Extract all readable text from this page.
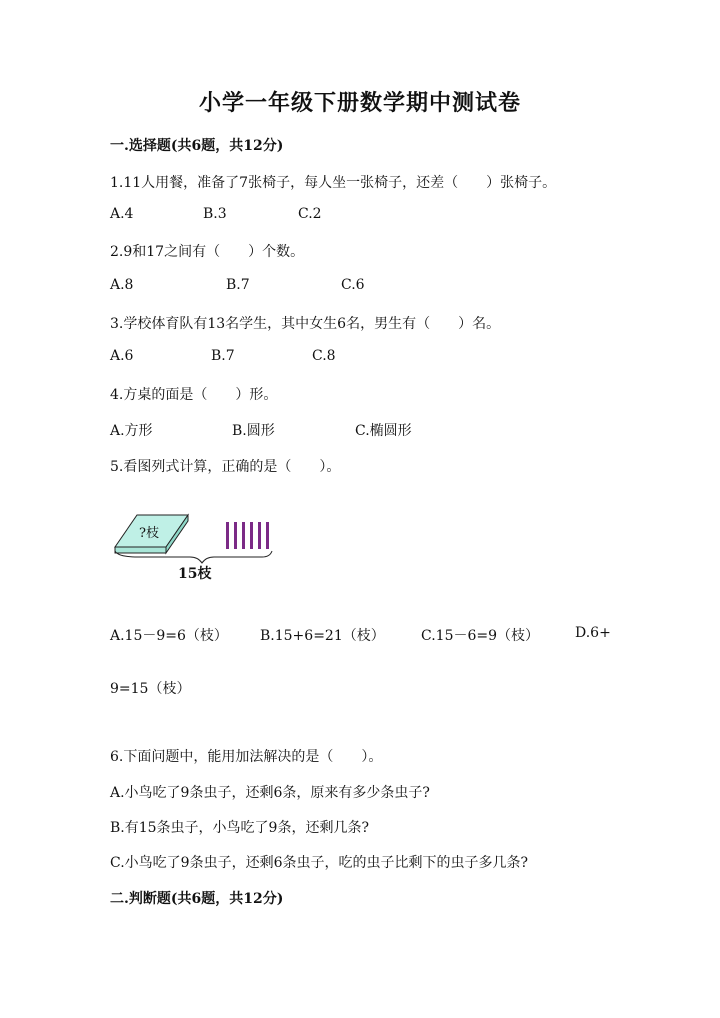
小学一年级下册数学期中测试卷
一.选择题(共6题，共12分)
1.11人用餐，准备了7张椅子，每人坐一张椅子，还差（　　）张椅子。
A.4	B.3	C.2
2.9和17之间有（　　）个数。
A.8	B.7	C.6
3.学校体育队有13名学生，其中女生6名，男生有（　　）名。
A.6	B.7	C.8
4.方桌的面是（　　）形。
A.方形	B.圆形	C.椭圆形
5.看图列式计算，正确的是（　　）。
?枝
15枝
A.15－9=6（枝） B.15+6=21（枝）	C.15－6=9（枝）	D.6+
9=15（枝）
6.下面问题中，能用加法解决的是（　　）。
A.小鸟吃了9条虫子，还剩6条，原来有多少条虫子?
B.有15条虫子，小鸟吃了9条，还剩几条?
C.小鸟吃了9条虫子，还剩6条虫子，吃的虫子比剩下的虫子多几条?
二.判断题(共6题，共12分)
